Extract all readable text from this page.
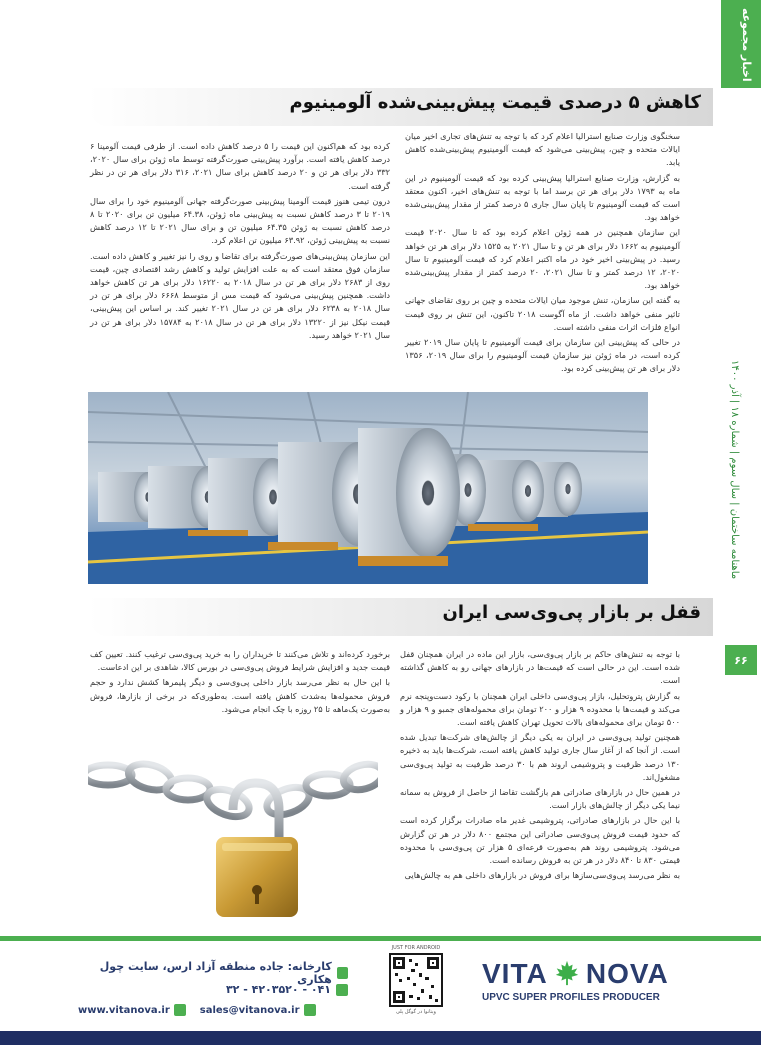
اخبار مجموعه
ماهنامه ساختمان | سال سوم | شماره ۱۸ | آذر ۱۴۰۰
۶۶
کاهش ۵ درصدی قیمت پیش‌بینی‌شده آلومینیوم

سخنگوی وزارت صنایع استرالیا اعلام کرد که با توجه به تنش‌های تجاری اخیر میان ایالات متحده و چین، پیش‌بینی می‌شود که قیمت آلومینیوم پیش‌بینی‌شده کاهش یابد.

به گزارش، وزارت صنایع استرالیا پیش‌بینی کرده بود که قیمت آلومینیوم در این ماه به ۱۷۹۳ دلار برای هر تن برسد اما با توجه به تنش‌های اخیر، اکنون معتقد است که قیمت آلومینیوم تا پایان سال جاری ۵ درصد کمتر از مقدار پیش‌بینی‌شده خواهد بود.

این سازمان همچنین در همه ژوئن اعلام کرده بود که تا سال ۲۰۲۰ قیمت آلومینیوم به ۱۶۶۲ دلار برای هر تن و تا سال ۲۰۲۱ به ۱۵۲۵ دلار برای هر تن خواهد رسید. در پیش‌بینی اخیر خود در ماه اکتبر اعلام کرد که قیمت آلومینیوم تا سال ۲۰۲۰، ۱۲ درصد کمتر و تا سال ۲۰۲۱، ۲۰ درصد کمتر از مقدار پیش‌بینی‌شده خواهد بود.

به گفته این سازمان، تنش موجود میان ایالات متحده و چین بر روی تقاضای جهانی تاثیر منفی خواهد داشت. از ماه آگوست ۲۰۱۸ تاکنون، این تنش بر روی قیمت انواع فلزات اثرات منفی داشته است.

در حالی که پیش‌بینی این سازمان برای قیمت آلومینیوم تا پایان سال ۲۰۱۹ تغییر کرده است، در ماه ژوئن نیز سازمان قیمت آلومینیوم را برای سال ۲۰۱۹، ۱۳۵۶ دلار برای هر تن پیش‌بینی کرده بود.

کرده بود که هم‌اکنون این قیمت را ۵ درصد کاهش داده است. از طرفی قیمت آلومینا ۶ درصد کاهش یافته است. برآورد پیش‌بینی صورت‌گرفته توسط ماه ژوئن برای سال ۲۰۲۰، ۳۳۲ دلار برای هر تن و ۲۰ درصد کاهش برای سال ۲۰۲۱، ۳۱۶ دلار برای هر تن در نظر گرفته است.

درون تیمی هنوز قیمت آلومینا پیش‌بینی صورت‌گرفته جهانی آلومینیوم خود را برای سال ۲۰۱۹ تا ۳ درصد کاهش نسبت به پیش‌بینی ماه ژوئن، ۶۴.۳۸ میلیون تن برای ۲۰۲۰ تا ۸ درصد کاهش نسبت به ژوئن ۶۴.۳۵ میلیون تن و برای سال ۲۰۲۱ تا ۱۲ درصد کاهش نسبت به پیش‌بینی ژوئن، ۶۳.۹۲ میلیون تن اعلام کرد.

این سازمان پیش‌بینی‌های صورت‌گرفته برای تقاضا و روی را نیز تغییر و کاهش داده است. سازمان فوق معتقد است که به علت افزایش تولید و کاهش رشد اقتصادی چین، قیمت روی از ۲۶۸۳ دلار برای هر تن در سال ۲۰۱۸ به ۱۶۲۲۰ دلار برای هر تن کاهش خواهد داشت. همچنین پیش‌بینی می‌شود که قیمت مس از متوسط ۶۶۶۸ دلار برای هر تن در سال ۲۰۱۸ به ۶۲۳۸ دلار برای هر تن در سال ۲۰۲۱ تغییر کند. بر اساس این پیش‌بینی، قیمت نیکل نیز از ۱۳۲۲۰ دلار برای هر تن در سال ۲۰۱۸ به ۱۵۷۸۴ دلار برای هر تن در سال ۲۰۲۱ خواهد رسید.

قفل بر بازار پی‌وی‌سی ایران

با توجه به تنش‌های حاکم بر بازار پی‌وی‌سی، بازار این ماده در ایران همچنان قفل شده است. این در حالی است که قیمت‌ها در بازارهای جهانی رو به کاهش گذاشته است.

به گزارش پتروتحلیل، بازار پی‌وی‌سی داخلی ایران همچنان با رکود دست‌وپنجه نرم می‌کند و قیمت‌ها با محدوده ۹ هزار و ۲۰۰ تومان برای محموله‌های جمبو و ۹ هزار و ۵۰۰ تومان برای محموله‌های بالات تحویل تهران کاهش یافته است.

همچنین تولید پی‌وی‌سی در ایران به یکی دیگر از چالش‌های شرکت‌ها تبدیل شده است. از آنجا که از آغاز سال جاری تولید کاهش یافته است، شرکت‌ها باید به ذخیره ۱۳۰ درصد ظرفیت و پتروشیمی اروند هم با ۳۰ درصد ظرفیت به تولید پی‌وی‌سی مشغول‌اند.

در همین حال در بازارهای صادراتی هم بازگشت تقاضا از حاصل از فروش به سمانه نیما یکی دیگر از چالش‌های بازار است.

با این حال در بازارهای صادراتی، پتروشیمی غدیر ماه صادرات برگزار کرده است که حدود قیمت فروش پی‌وی‌سی صادراتی این مجتمع ۸۰۰ دلار در هر تن گزارش می‌شود. پتروشیمی روند هم به‌صورت قرعه‌ای ۵ هزار تن پی‌وی‌سی با محدوده قیمتی ۸۳۰ تا ۸۴۰ دلار در هر تن به فروش رسانده است.

به نظر می‌رسد پی‌وی‌سی‌سازها برای فروش در بازارهای داخلی هم به چالش‌هایی

برخورد کرده‌اند و تلاش می‌کنند تا خریداران را به خرید پی‌وی‌سی ترغیب کنند. تعیین کف قیمت جدید و افزایش شرایط فروش پی‌وی‌سی در بورس کالا، شاهدی بر این ادعاست.

با این حال به نظر می‌رسد بازار داخلی پی‌وی‌سی و دیگر پلیمرها کشش ندارد و حجم فروش محموله‌ها به‌شدت کاهش یافته است. به‌طوری‌که در برخی از بازارها، فروش به‌صورت یک‌ماهه تا ۲۵ روزه با چک انجام می‌شود.

کارخانه: جاده منطقه آزاد ارس، سایت چول هکاری
۰۴۱ - ۴۲۰۳۵۲۰ - ۳۲
www.vitanova.ir	sales@vitanova.ir
JUST FOR ANDROID
ویتانوا در گوگل پلی
VITA NOVA
UPVC SUPER PROFILES PRODUCER
